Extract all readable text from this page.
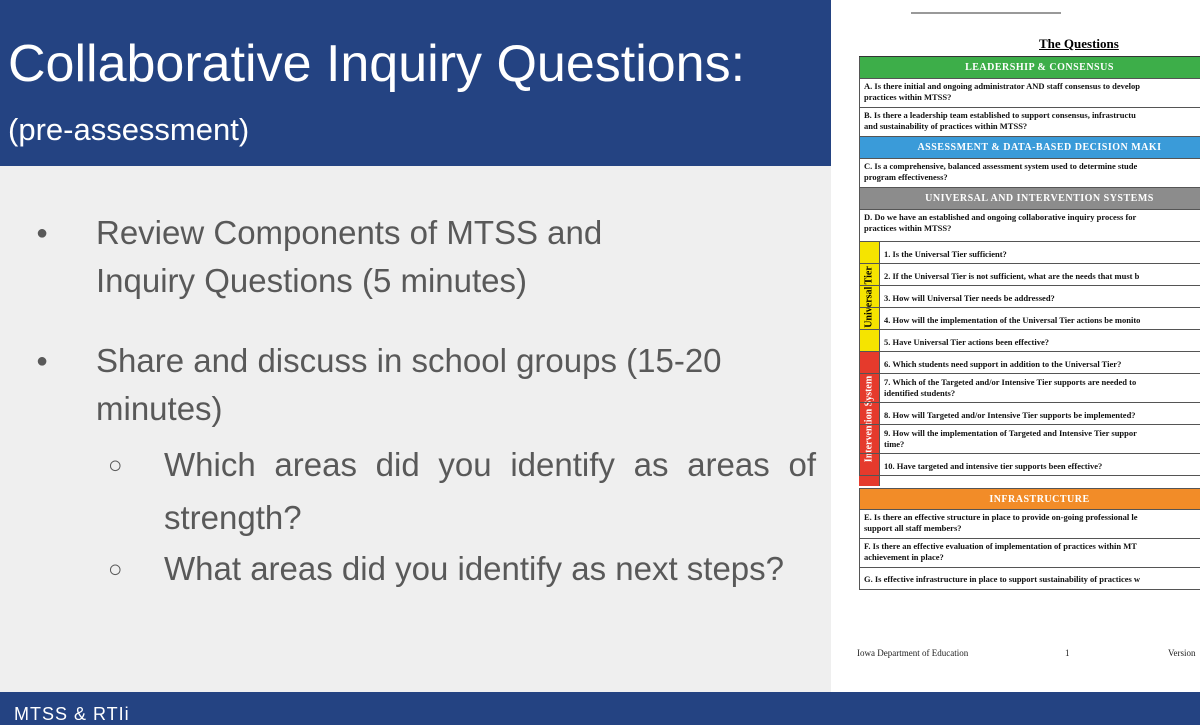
Collaborative Inquiry Questions:
(pre-assessment)
● Review Components of MTSS and
Inquiry Questions (5 minutes)
● Share and discuss in school groups (15-20
minutes)
○ Which areas did you identify as areas of strength?
○ What areas did you identify as next steps?
The Questions
LEADERSHIP & CONSENSUS
A. Is there initial and ongoing administrator AND staff consensus to develop
practices within MTSS?
B. Is there a leadership team established to support consensus, infrastructu
and sustainability of practices within MTSS?
ASSESSMENT & DATA-BASED DECISION MAKI
C. Is a comprehensive, balanced assessment system used to determine stude
program effectiveness?
UNIVERSAL AND INTERVENTION SYSTEMS
D. Do we have an established and ongoing collaborative inquiry process for
practices within MTSS?
Universal Tier
1. Is the Universal Tier sufficient?
2. If the Universal Tier is not sufficient, what are the needs that must b
3. How will Universal Tier needs be addressed?
4. How will the implementation of the Universal Tier actions be monito
5. Have Universal Tier actions been effective?
Intervention System
6. Which students need support in addition to the Universal Tier?
7. Which of the Targeted and/or Intensive Tier supports are needed to
identified students?
8. How will Targeted and/or Intensive Tier supports be implemented?
9. How will the implementation of Targeted and Intensive Tier suppor
time?
10. Have targeted and intensive tier supports been effective?
INFRASTRUCTURE
E. Is there an effective structure in place to provide on-going professional le
support all staff members?
F. Is there an effective evaluation of implementation of practices within MT
achievement in place?
G. Is effective infrastructure in place to support sustainability of practices w
Iowa Department of Education	1	Version
MTSS & RTIi
